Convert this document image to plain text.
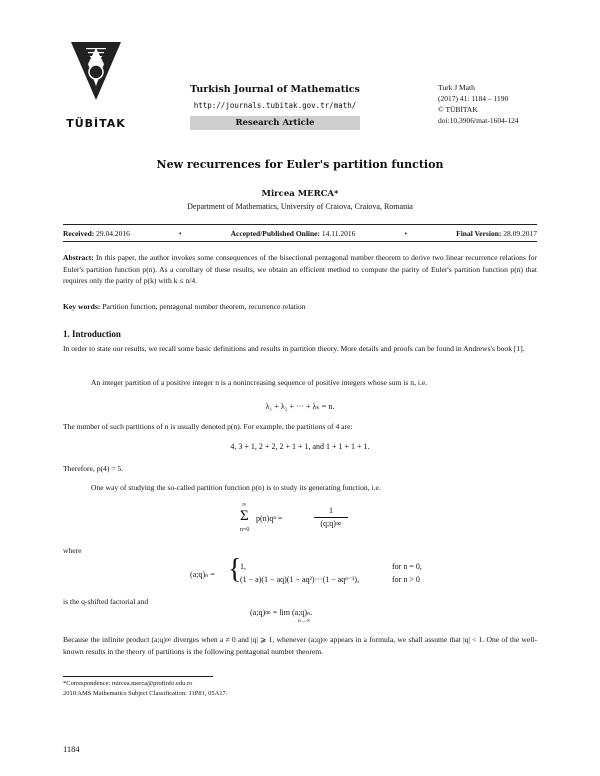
TÜBİTAK
Turkish Journal of Mathematics
http://journals.tubitak.gov.tr/math/
Research Article
Turk J Math
(2017) 41: 1184 – 1190
© TÜBİTAK
doi:10.3906/mat-1604-124
New recurrences for Euler's partition function
Mircea MERCA*
Department of Mathematics, University of Craiova, Craiova, Romania
Received: 29.04.2016	•	Accepted/Published Online: 14.11.2016	•	Final Version: 28.09.2017
Abstract: In this paper, the author invokes some consequences of the bisectional pentagonal number theorem to derive two linear recurrence relations for Euler's partition function p(n). As a corollary of these results, we obtain an efficient method to compute the parity of Euler's partition function p(n) that requires only the parity of p(k) with k ≤ n/4.
Key words: Partition function, pentagonal number theorem, recurrence relation
1. Introduction
In order to state our results, we recall some basic definitions and results in partition theory. More details and proofs can be found in Andrews's book [1].
An integer partition of a positive integer n is a nonincreasing sequence of positive integers whose sum is n, i.e.
λ₁ + λ₂ + ··· + λₖ = n.
The number of such partitions of n is usually denoted p(n). For example, the partitions of 4 are:
4, 3 + 1, 2 + 2, 2 + 1 + 1, and 1 + 1 + 1 + 1.
Therefore, p(4) = 5.
One way of studying the so-called partition function p(n) is to study its generating function, i.e.
∞
Σ
n=0
p(n)qⁿ =
1
(q;q)∞
where
(a;q)ₙ = {
1,	for n = 0,
(1 − a)(1 − aq)(1 − aq²)···(1 − aqⁿ⁻¹),	for n > 0
is the q-shifted factorial and
(a;q)∞ = lim (a;q)ₙ.
n→∞
Because the infinite product (a;q)∞ diverges when a ≠ 0 and |q| ⩾ 1, whenever (a;q)∞ appears in a formula, we shall assume that |q| < 1. One of the well-known results in the theory of partitions is the following pentagonal number theorem.
*Correspondence: mircea.merca@profinfo.edu.ro
2010 AMS Mathematics Subject Classification: 11P81, 05A17.
1184
